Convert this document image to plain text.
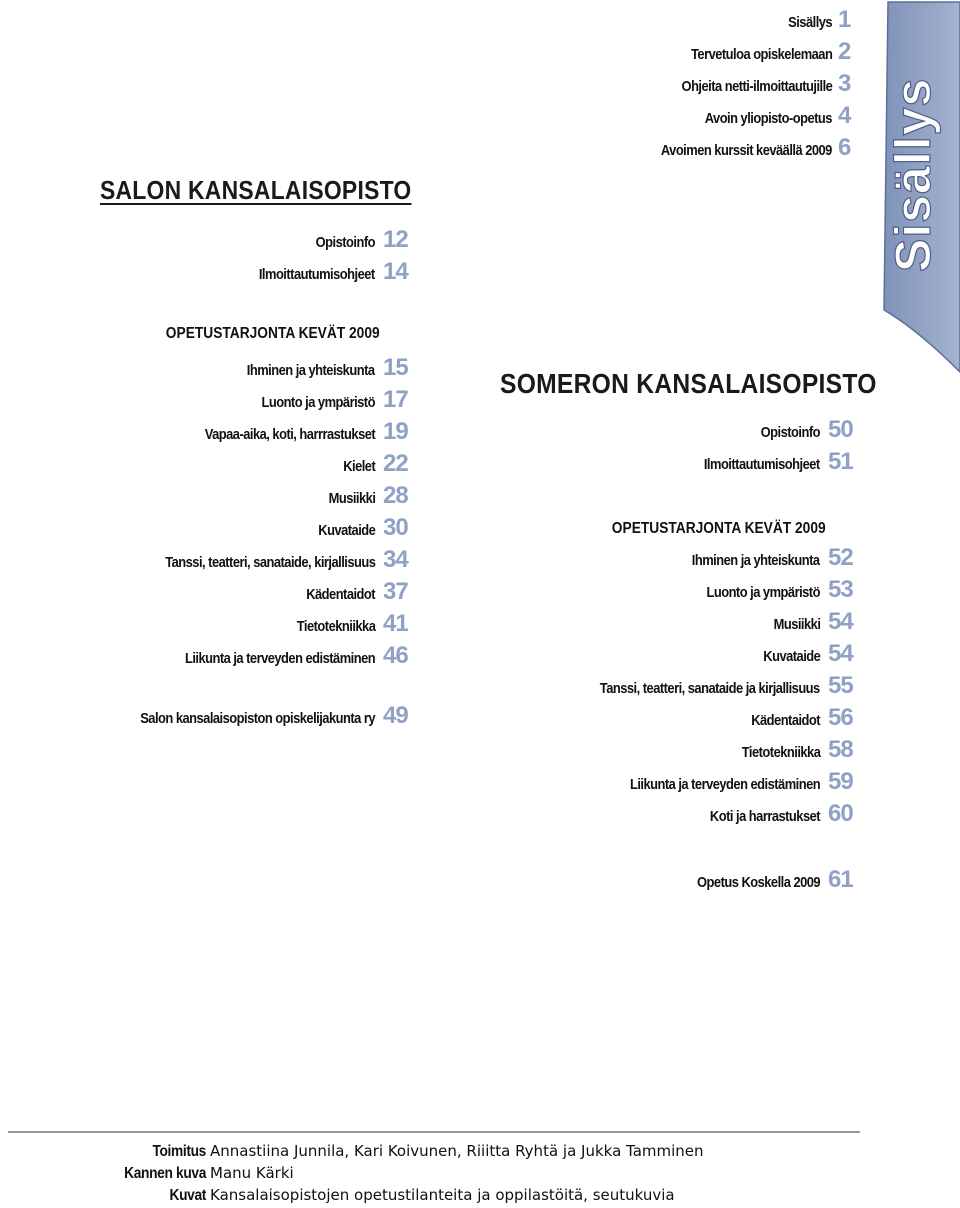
Sisällys
Sisällys 1
Tervetuloa opiskelemaan 2
Ohjeita netti-ilmoittautujille 3
Avoin yliopisto-opetus 4
Avoimen kurssit keväällä 2009 6
SALON KANSALAISOPISTO
Opistoinfo 12
Ilmoittautumisohjeet 14
OPETUSTARJONTA KEVÄT 2009
Ihminen ja yhteiskunta 15
Luonto ja ympäristö 17
Vapaa-aika, koti, harrrastukset 19
Kielet 22
Musiikki 28
Kuvataide 30
Tanssi, teatteri, sanataide, kirjallisuus 34
Kädentaidot 37
Tietotekniikka 41
Liikunta ja terveyden edistäminen 46
Salon kansalaisopiston opiskelijakunta ry 49
SOMERON KANSALAISOPISTO
Opistoinfo 50
Ilmoittautumisohjeet 51
OPETUSTARJONTA KEVÄT 2009
Ihminen ja yhteiskunta 52
Luonto ja ympäristö 53
Musiikki 54
Kuvataide 54
Tanssi, teatteri, sanataide ja kirjallisuus 55
Kädentaidot 56
Tietotekniikka 58
Liikunta ja terveyden edistäminen 59
Koti ja harrastukset 60
Opetus Koskella 2009 61
Toimitus Annastiina Junnila, Kari Koivunen, Riiitta Ryhtä ja Jukka Tamminen
Kannen kuva Manu Kärki
Kuvat Kansalaisopistojen opetustilanteita ja oppilastöitä, seutukuvia
